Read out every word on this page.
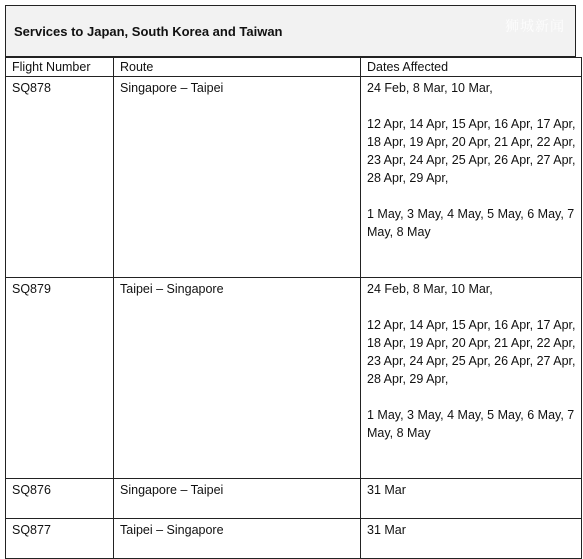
Services to Japan, South Korea and Taiwan	狮城新闻
Flight Number	Route	Dates Affected

SQ878	Singapore – Taipei	24 Feb, 8 Mar, 10 Mar,
12 Apr, 14 Apr, 15 Apr, 16 Apr, 17 Apr, 18 Apr, 19 Apr, 20 Apr, 21 Apr, 22 Apr, 23 Apr, 24 Apr, 25 Apr, 26 Apr, 27 Apr, 28 Apr, 29 Apr,
1 May, 3 May, 4 May, 5 May, 6 May, 7 May, 8 May

SQ879	Taipei – Singapore	24 Feb, 8 Mar, 10 Mar,
12 Apr, 14 Apr, 15 Apr, 16 Apr, 17 Apr, 18 Apr, 19 Apr, 20 Apr, 21 Apr, 22 Apr, 23 Apr, 24 Apr, 25 Apr, 26 Apr, 27 Apr, 28 Apr, 29 Apr,
1 May, 3 May, 4 May, 5 May, 6 May, 7 May, 8 May

SQ876	Singapore – Taipei	31 Mar

SQ877	Taipei – Singapore	31 Mar
